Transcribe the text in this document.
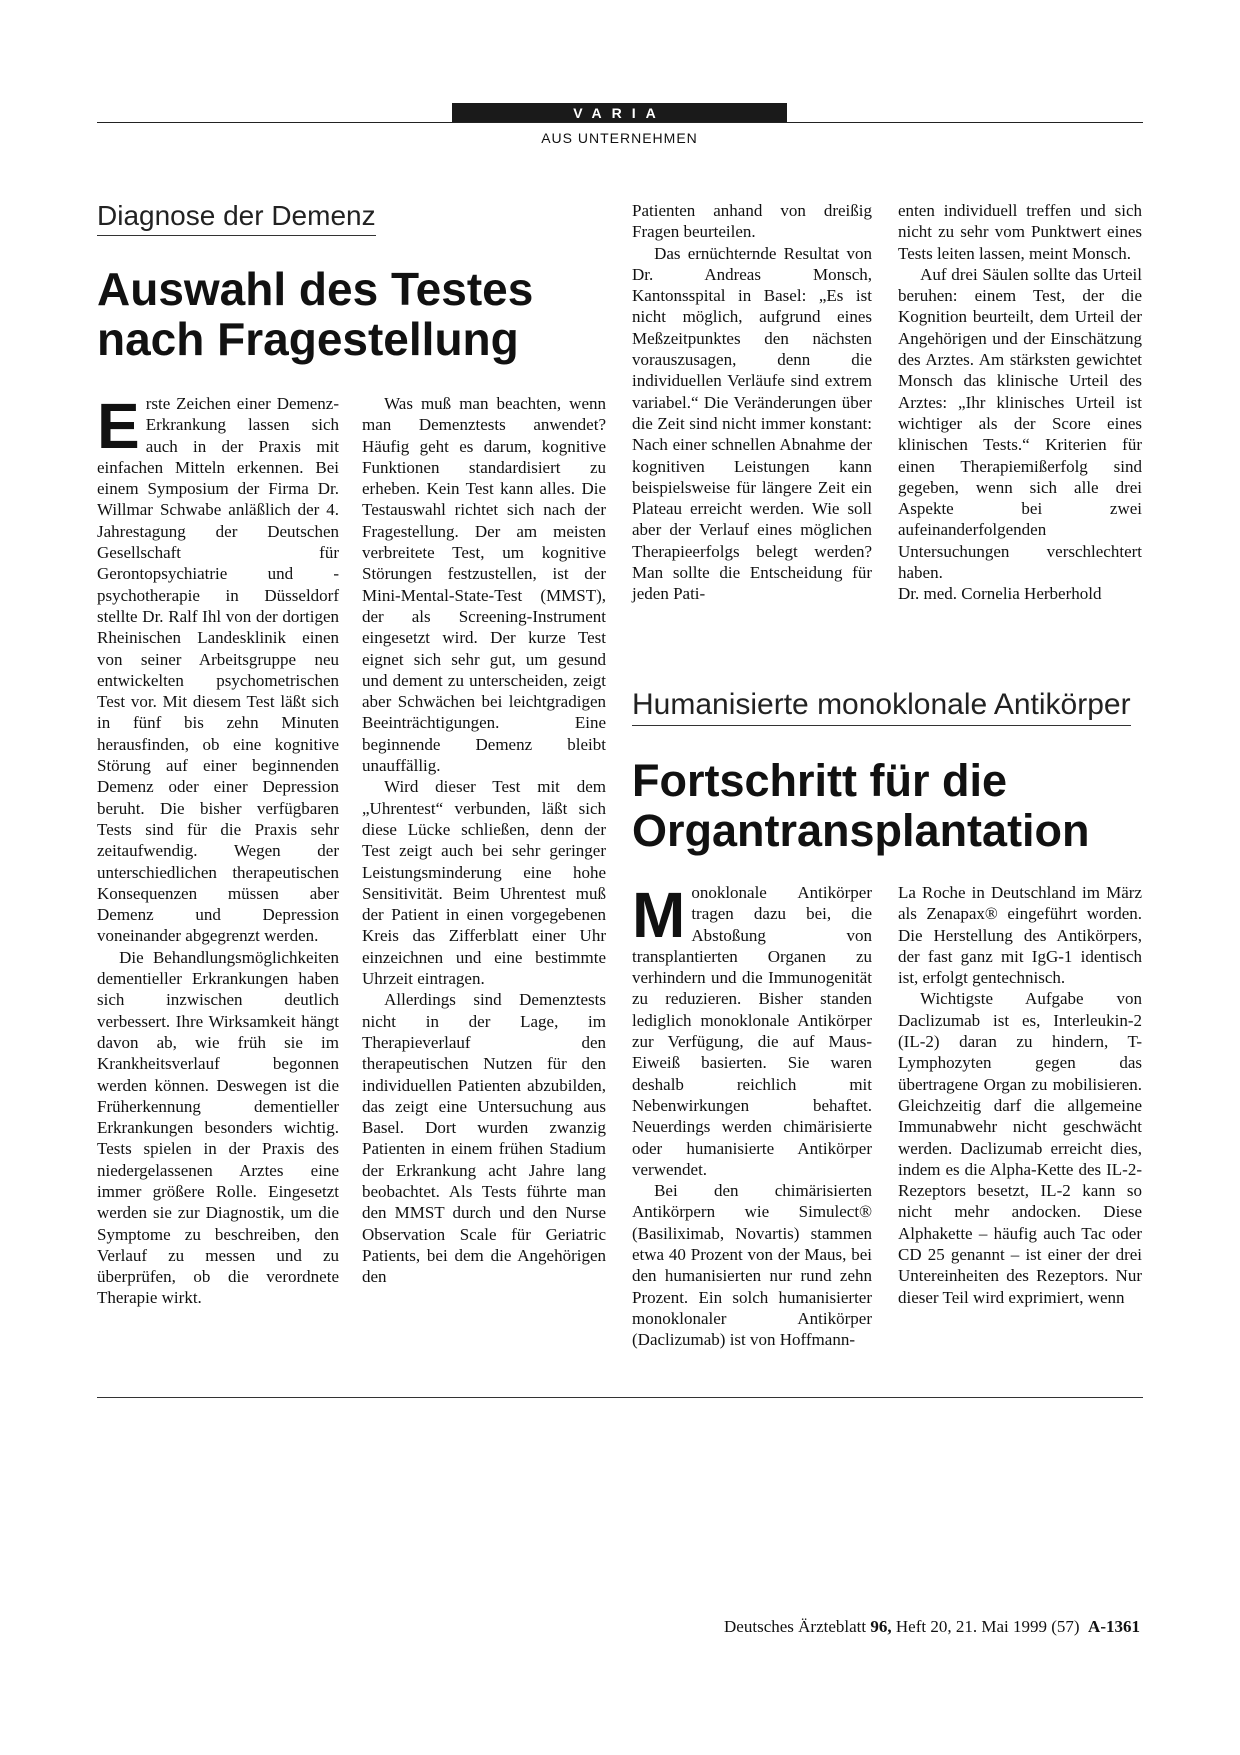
VARIA
AUS UNTERNEHMEN
Diagnose der Demenz
Auswahl des Testes
nach Fragestellung

Erste Zeichen einer Demenz-Erkrankung lassen sich auch in der Praxis mit einfachen Mitteln erkennen. Bei einem Symposium der Firma Dr. Willmar Schwabe anläßlich der 4. Jahrestagung der Deutschen Gesellschaft für Gerontopsychiatrie und -psychotherapie in Düsseldorf stellte Dr. Ralf Ihl von der dortigen Rheinischen Landesklinik einen von seiner Arbeitsgruppe neu entwickelten psychometrischen Test vor. Mit diesem Test läßt sich in fünf bis zehn Minuten herausfinden, ob eine kognitive Störung auf einer beginnenden Demenz oder einer Depression beruht. Die bisher verfügbaren Tests sind für die Praxis sehr zeitaufwendig. Wegen der unterschiedlichen therapeutischen Konsequenzen müssen aber Demenz und Depression voneinander abgegrenzt werden.

Die Behandlungsmöglichkeiten dementieller Erkrankungen haben sich inzwischen deutlich verbessert. Ihre Wirksamkeit hängt davon ab, wie früh sie im Krankheitsverlauf begonnen werden können. Deswegen ist die Früherkennung dementieller Erkrankungen besonders wichtig. Tests spielen in der Praxis des niedergelassenen Arztes eine immer größere Rolle. Eingesetzt werden sie zur Diagnostik, um die Symptome zu beschreiben, den Verlauf zu messen und zu überprüfen, ob die verordnete Therapie wirkt.

Was muß man beachten, wenn man Demenztests anwendet? Häufig geht es darum, kognitive Funktionen standardisiert zu erheben. Kein Test kann alles. Die Testauswahl richtet sich nach der Fragestellung. Der am meisten verbreitete Test, um kognitive Störungen festzustellen, ist der Mini-Mental-State-Test (MMST), der als Screening-Instrument eingesetzt wird. Der kurze Test eignet sich sehr gut, um gesund und dement zu unterscheiden, zeigt aber Schwächen bei leichtgradigen Beeinträchtigungen. Eine beginnende Demenz bleibt unauffällig.

Wird dieser Test mit dem „Uhrentest“ verbunden, läßt sich diese Lücke schließen, denn der Test zeigt auch bei sehr geringer Leistungsminderung eine hohe Sensitivität. Beim Uhrentest muß der Patient in einen vorgegebenen Kreis das Zifferblatt einer Uhr einzeichnen und eine bestimmte Uhrzeit eintragen.

Allerdings sind Demenztests nicht in der Lage, im Therapieverlauf den therapeutischen Nutzen für den individuellen Patienten abzubilden, das zeigt eine Untersuchung aus Basel. Dort wurden zwanzig Patienten in einem frühen Stadium der Erkrankung acht Jahre lang beobachtet. Als Tests führte man den MMST durch und den Nurse Observation Scale für Geriatric Patients, bei dem die Angehörigen den

Patienten anhand von dreißig Fragen beurteilen.

Das ernüchternde Resultat von Dr. Andreas Monsch, Kantonsspital in Basel: „Es ist nicht möglich, aufgrund eines Meßzeitpunktes den nächsten vorauszusagen, denn die individuellen Verläufe sind extrem variabel.“ Die Veränderungen über die Zeit sind nicht immer konstant: Nach einer schnellen Abnahme der kognitiven Leistungen kann beispielsweise für längere Zeit ein Plateau erreicht werden. Wie soll aber der Verlauf eines möglichen Therapieerfolgs belegt werden? Man sollte die Entscheidung für jeden Pati-

enten individuell treffen und sich nicht zu sehr vom Punktwert eines Tests leiten lassen, meint Monsch.

Auf drei Säulen sollte das Urteil beruhen: einem Test, der die Kognition beurteilt, dem Urteil der Angehörigen und der Einschätzung des Arztes. Am stärksten gewichtet Monsch das klinische Urteil des Arztes: „Ihr klinisches Urteil ist wichtiger als der Score eines klinischen Tests.“ Kriterien für einen Therapiemißerfolg sind gegeben, wenn sich alle drei Aspekte bei zwei aufeinanderfolgenden Untersuchungen verschlechtert haben.

Dr. med. Cornelia Herberhold

Humanisierte monoklonale Antikörper
Fortschritt für die
Organtransplantation

Monoklonale Antikörper tragen dazu bei, die Abstoßung von transplantierten Organen zu verhindern und die Immunogenität zu reduzieren. Bisher standen lediglich monoklonale Antikörper zur Verfügung, die auf Maus-Eiweiß basierten. Sie waren deshalb reichlich mit Nebenwirkungen behaftet. Neuerdings werden chimärisierte oder humanisierte Antikörper verwendet.

Bei den chimärisierten Antikörpern wie Simulect® (Basiliximab, Novartis) stammen etwa 40 Prozent von der Maus, bei den humanisierten nur rund zehn Prozent. Ein solch humanisierter monoklonaler Antikörper (Daclizumab) ist von Hoffmann-

La Roche in Deutschland im März als Zenapax® eingeführt worden. Die Herstellung des Antikörpers, der fast ganz mit IgG-1 identisch ist, erfolgt gentechnisch.

Wichtigste Aufgabe von Daclizumab ist es, Interleukin-2 (IL-2) daran zu hindern, T-Lymphozyten gegen das übertragene Organ zu mobilisieren. Gleichzeitig darf die allgemeine Immunabwehr nicht geschwächt werden. Daclizumab erreicht dies, indem es die Alpha-Kette des IL-2-Rezeptors besetzt, IL-2 kann so nicht mehr andocken. Diese Alphakette – häufig auch Tac oder CD 25 genannt – ist einer der drei Untereinheiten des Rezeptors. Nur dieser Teil wird exprimiert, wenn

Deutsches Ärzteblatt 96, Heft 20, 21. Mai 1999 (57) A-1361
